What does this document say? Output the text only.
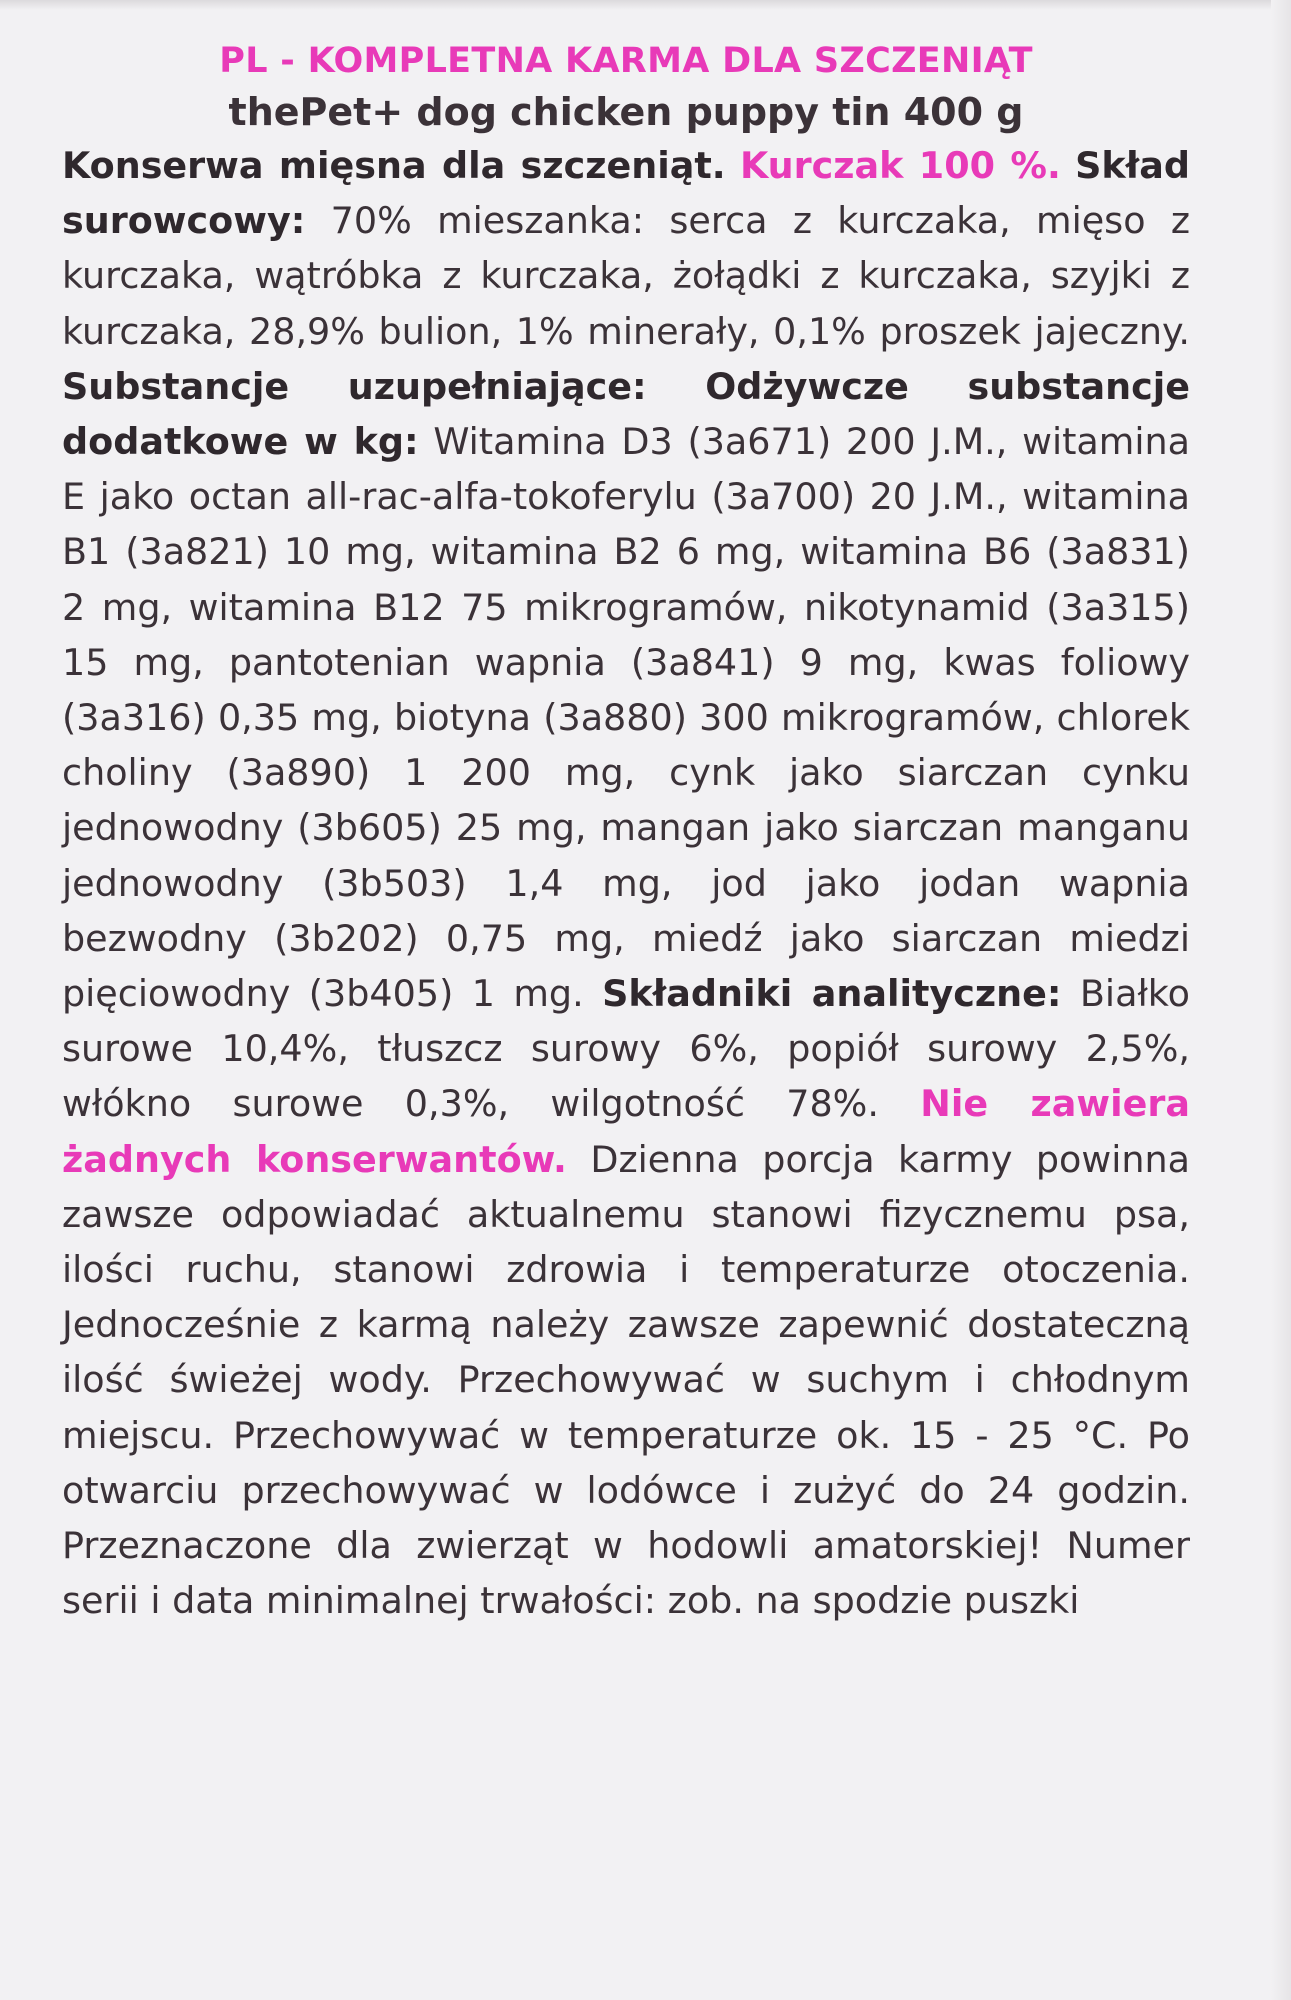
PL - KOMPLETNA KARMA DLA SZCZENIĄT
thePet+ dog chicken puppy tin 400 g
Konserwa mięsna dla szczeniąt. Kurczak 100 %. Skład surowcowy: 70% mieszanka: serca z kurczaka, mięso z kurczaka, wątróbka z kurczaka, żołądki z kurczaka, szyjki z kurczaka, 28,9% bulion, 1% minerały, 0,1% proszek jajeczny. Substancje uzupełniające: Odżywcze substancje dodatkowe w kg: Witamina D3 (3a671) 200 J.M., witamina E jako octan all-rac-alfa-tokoferylu (3a700) 20 J.M., witamina B1 (3a821) 10 mg, witamina B2 6 mg, witamina B6 (3a831) 2 mg, witamina B12 75 mikrogramów, nikotynamid (3a315) 15 mg, pantotenian wapnia (3a841) 9 mg, kwas foliowy (3a316) 0,35 mg, biotyna (3a880) 300 mikrogramów, chlorek choliny (3a890) 1 200 mg, cynk jako siarczan cynku jednowodny (3b605) 25 mg, mangan jako siarczan manganu jednowodny (3b503) 1,4 mg, jod jako jodan wapnia bezwodny (3b202) 0,75 mg, miedź jako siarczan miedzi pięciowodny (3b405) 1 mg. Składniki analityczne: Białko surowe 10,4%, tłuszcz surowy 6%, popiół surowy 2,5%, włókno surowe 0,3%, wilgotność 78%. Nie zawiera żadnych konserwantów. Dzienna porcja karmy powinna zawsze odpowiadać aktualnemu stanowi fizycznemu psa, ilości ruchu, stanowi zdrowia i temperaturze otoczenia. Jednocześnie z karmą należy zawsze zapewnić dostateczną ilość świeżej wody. Przechowywać w suchym i chłodnym miejscu. Przechowywać w temperaturze ok. 15 - 25 °C. Po otwarciu przechowywać w lodówce i zużyć do 24 godzin. Przeznaczone dla zwierząt w hodowli amatorskiej! Numer serii i data minimalnej trwałości: zob. na spodzie puszki
